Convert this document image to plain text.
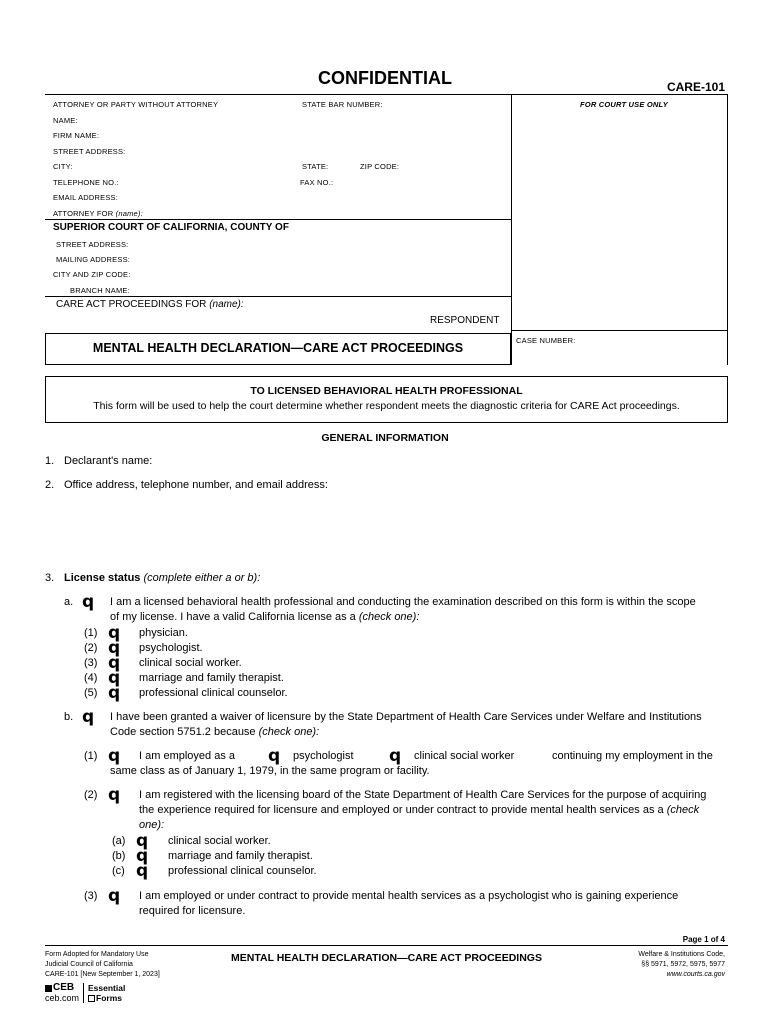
CONFIDENTIAL	CARE-101
ATTORNEY OR PARTY WITHOUT ATTORNEY	STATE BAR NUMBER:	FOR COURT USE ONLY
NAME:
FIRM NAME:
STREET ADDRESS:
CITY:	STATE:	ZIP CODE:
TELEPHONE NO.:	FAX NO.:
EMAIL ADDRESS:
ATTORNEY FOR (name):
SUPERIOR COURT OF CALIFORNIA, COUNTY OF
STREET ADDRESS:
MAILING ADDRESS:
CITY AND ZIP CODE:
BRANCH NAME:
CARE ACT PROCEEDINGS FOR (name):
RESPONDENT
MENTAL HEALTH DECLARATION—CARE ACT PROCEEDINGS
CASE NUMBER:
TO LICENSED BEHAVIORAL HEALTH PROFESSIONAL
This form will be used to help the court determine whether respondent meets the diagnostic criteria for CARE Act proceedings.
GENERAL INFORMATION
1. Declarant's name:
2. Office address, telephone number, and email address:
3. License status (complete either a or b):
a. q I am a licensed behavioral health professional and conducting the examination described on this form is within the scope
of my license. I have a valid California license as a (check one):
(1) q physician.
(2) q psychologist.
(3) q clinical social worker.
(4) q marriage and family therapist.
(5) q professional clinical counselor.
b. q I have been granted a waiver of licensure by the State Department of Health Care Services under Welfare and Institutions
Code section 5751.2 because (check one):
(1) q I am employed as a q psychologist q clinical social worker	continuing my employment in the
same class as of January 1, 1979, in the same program or facility.
(2) q I am registered with the licensing board of the State Department of Health Care Services for the purpose of acquiring
the experience required for licensure and employed or under contract to provide mental health services as a (check
one):
(a) q clinical social worker.
(b) q marriage and family therapist.
(c) q professional clinical counselor.
(3) q I am employed or under contract to provide mental health services as a psychologist who is gaining experience
required for licensure.
Page 1 of 4
Form Adopted for Mandatory Use
Judicial Council of California
CARE-101 [New September 1, 2023]
MENTAL HEALTH DECLARATION—CARE ACT PROCEEDINGS	Welfare & Institutions Code,
§§ 5971, 5972, 5975, 5977
www.courts.ca.gov
CEB
ceb.com
Essential
Forms
